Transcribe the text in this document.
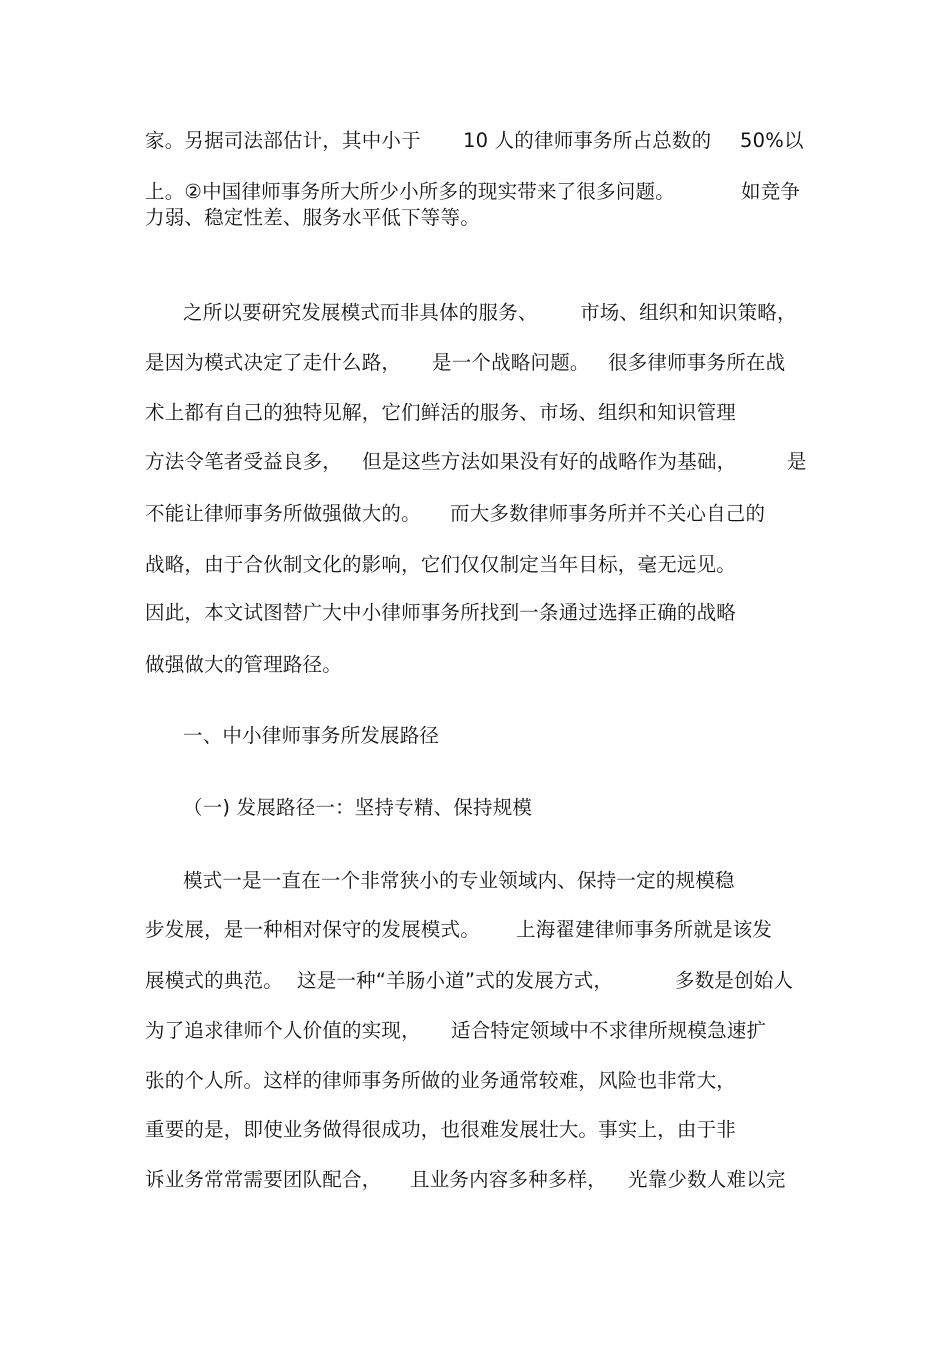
家。另据司法部估计，其中小于

10 人的律师事务所占总数的

50%以

上。②中国律师事务所大所少小所多的现实带来了很多问题。

	如竞争

力弱、稳定性差、服务水平低下等等。

之所以要研究发展模式而非具体的服务、

市场、组织和知识策略，

是因为模式决定了走什么路，

是一个战略问题。

很多律师事务所在战

术上都有自己的独特见解，它们鲜活的服务、市场、组织和知识管理

方法令笔者受益良多，

但是这些方法如果没有好的战略作为基础，

	是

不能让律师事务所做强做大的。

而大多数律师事务所并不关心自己的

战略，由于合伙制文化的影响，它们仅仅制定当年目标，毫无远见。

因此，本文试图替广大中小律师事务所找到一条通过选择正确的战略

做强做大的管理路径。

一、中小律师事务所发展路径

（一) 发展路径一：坚持专精、保持规模

模式一是一直在一个非常狭小的专业领域内、保持一定的规模稳

步发展，是一种相对保守的发展模式。

上海翟建律师事务所就是该发

展模式的典范。

这是一种“羊肠小道”式的发展方式，

	多数是创始人

为了追求律师个人价值的实现，

适合特定领域中不求律所规模急速扩

张的个人所。这样的律师事务所做的业务通常较难，风险也非常大，

重要的是，即使业务做得很成功，也很难发展壮大。事实上，由于非

诉业务常常需要团队配合，

且业务内容多种多样，

光靠少数人难以完
